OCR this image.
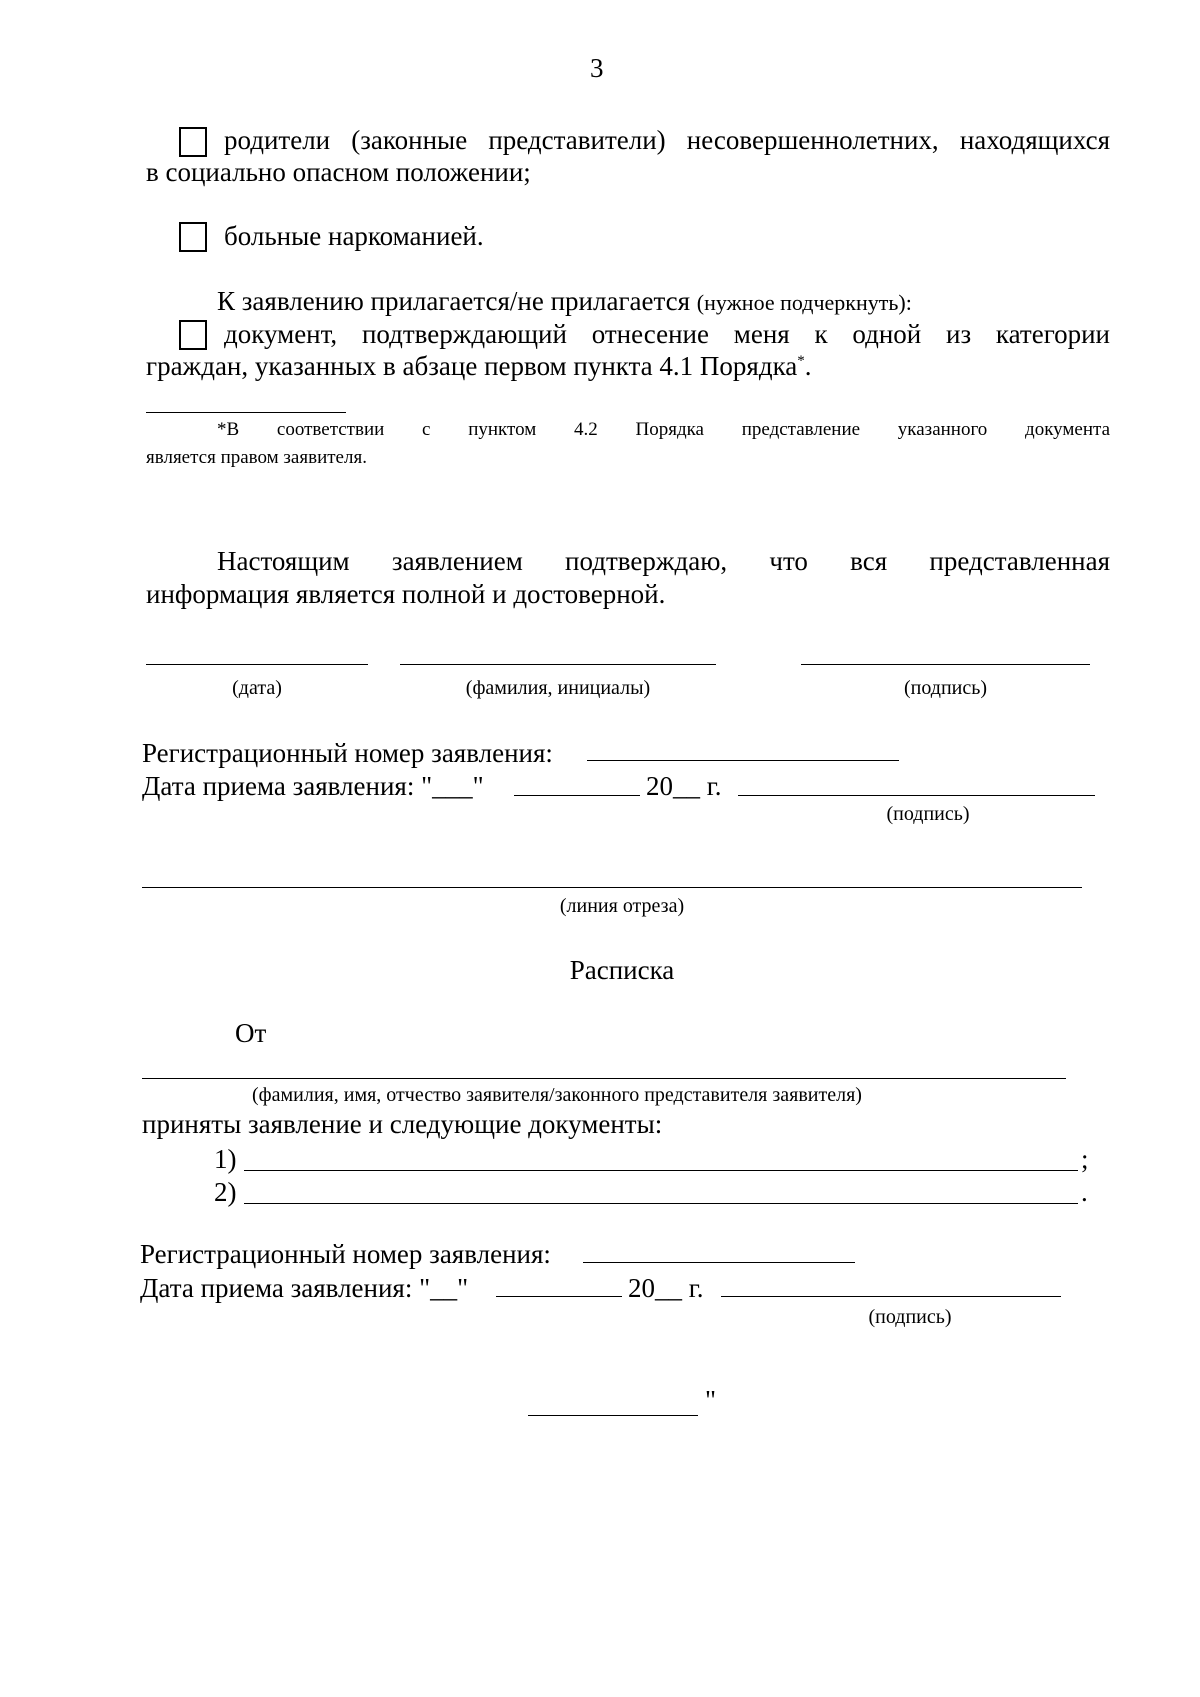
3
родители (законные представители) несовершеннолетних, находящихся
в социально опасном положении;
больные наркоманией.
К заявлению прилагается/не прилагается (нужное подчеркнуть):
документ, подтверждающий отнесение меня к одной из категории
граждан, указанных в абзаце первом пункта 4.1 Порядка*.
*В соответствии с пунктом 4.2 Порядка представление указанного документа
является правом заявителя.
Настоящим заявлением подтверждаю, что вся представленная
информация является полной и достоверной.
(дата)	(фамилия, инициалы)	(подпись)
Регистрационный номер заявления:
Дата приема заявления: "___"	20__ г.
(подпись)
(линия отреза)
Расписка
От
(фамилия, имя, отчество заявителя/законного представителя заявителя)
приняты заявление и следующие документы:
1)	;
2)	.
Регистрационный номер заявления:
Дата приема заявления: "__"	20__ г.
(подпись)
"
